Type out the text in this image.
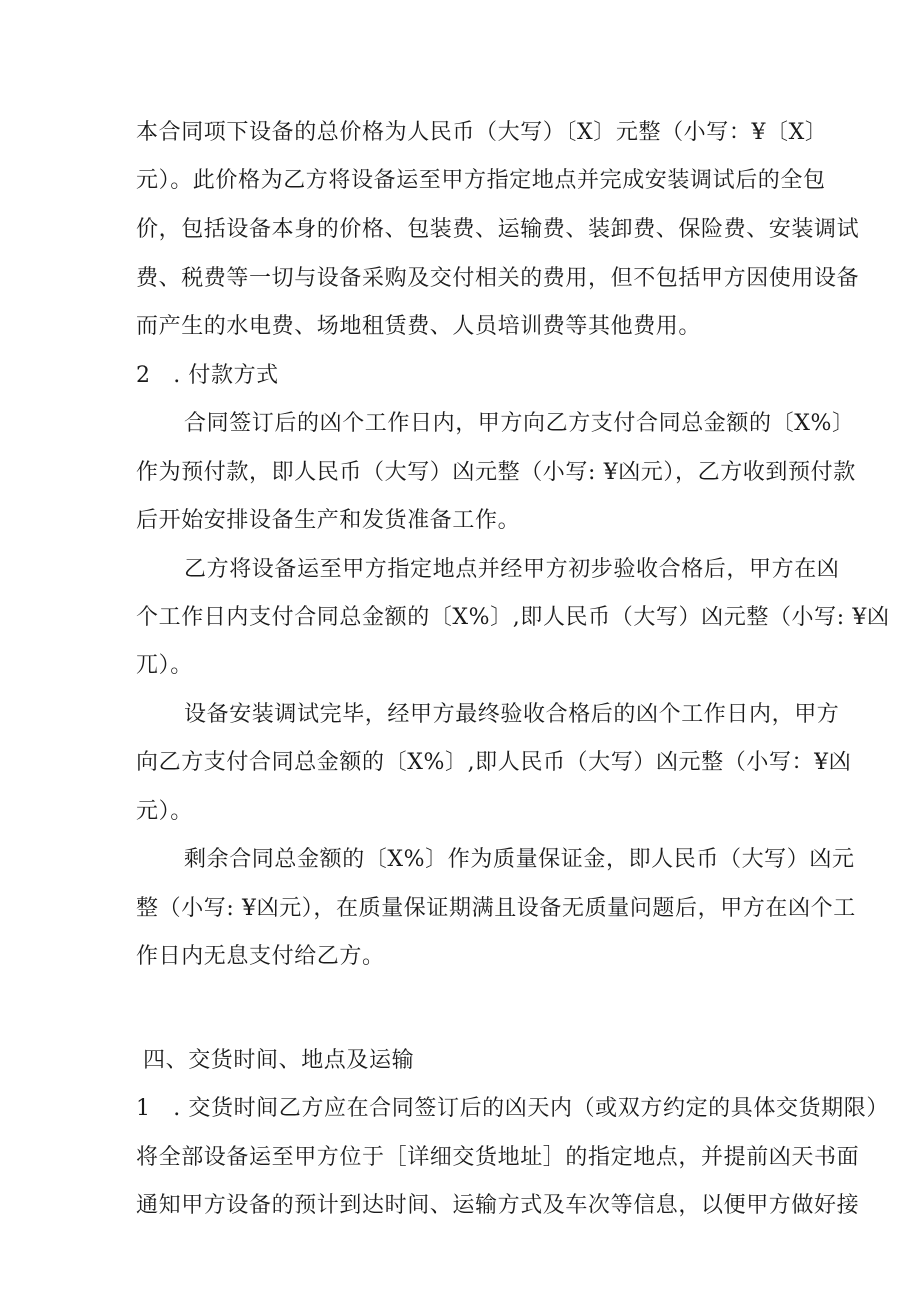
本合同项下设备的总价格为人民币（大写）〔X〕元整（小写：¥〔X〕
元）。此价格为乙方将设备运至甲方指定地点并完成安装调试后的全包
价，包括设备本身的价格、包装费、运输费、装卸费、保险费、安装调试
费、税费等一切与设备采购及交付相关的费用，但不包括甲方因使用设备
而产生的水电费、场地租赁费、人员培训费等其他费用。
2　. 付款方式
合同签订后的凶个工作日内，甲方向乙方支付合同总金额的〔X%〕
作为预付款，即人民币（大写）凶元整（小写: ¥凶元），乙方收到预付款
后开始安排设备生产和发货准备工作。
乙方将设备运至甲方指定地点并经甲方初步验收合格后，甲方在凶
个工作日内支付合同总金额的〔X%〕,即人民币（大写）凶元整（小写: ¥凶
兀）。
设备安装调试完毕，经甲方最终验收合格后的凶个工作日内，甲方
向乙方支付合同总金额的〔X%〕,即人民币（大写）凶元整（小写：¥凶
元）。
剩余合同总金额的〔X%〕作为质量保证金，即人民币（大写）凶元
整（小写: ¥凶元），在质量保证期满且设备无质量问题后，甲方在凶个工
作日内无息支付给乙方。
四、交货时间、地点及运输
1　. 交货时间乙方应在合同签订后的凶天内（或双方约定的具体交货期限）
将全部设备运至甲方位于［详细交货地址］的指定地点，并提前凶天书面
通知甲方设备的预计到达时间、运输方式及车次等信息，以便甲方做好接
